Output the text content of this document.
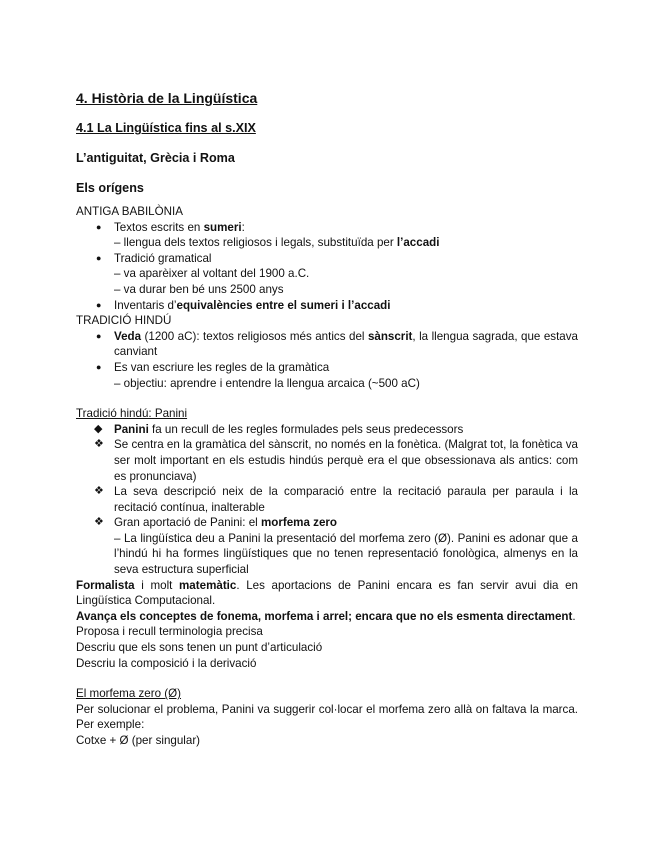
4. Història de la Lingüística
4.1 La Lingüística fins al s.XIX
L’antiguitat, Grècia i Roma
Els orígens
ANTIGA BABILÒNIA
●	Textos escrits en sumeri:
– llengua dels textos religiosos i legals, substituïda per l’accadi
●	Tradició gramatical
– va aparèixer al voltant del 1900 a.C.
– va durar ben bé uns 2500 anys
●	Inventaris d’equivalències entre el sumeri i l’accadi
TRADICIÓ HINDÚ
●	Veda (1200 aC): textos religiosos més antics del sànscrit, la llengua sagrada, que estava canviant
●	Es van escriure les regles de la gramàtica
– objectiu: aprendre i entendre la llengua arcaica (~500 aC)
Tradició hindú: Panini
◆ Panini fa un recull de les regles formulades pels seus predecessors
❖ Se centra en la gramàtica del sànscrit, no només en la fonètica. (Malgrat tot, la fonètica va ser molt important en els estudis hindús perquè era el que obsessionava als antics: com es pronunciava)
❖ La seva descripció neix de la comparació entre la recitació paraula per paraula i la recitació contínua, inalterable
❖ Gran aportació de Panini: el morfema zero
– La lingüística deu a Panini la presentació del morfema zero (Ø). Panini es adonar que a l’hindú hi ha formes lingüístiques que no tenen representació fonològica, almenys en la seva estructura superficial
Formalista i molt matemàtic. Les aportacions de Panini encara es fan servir avui dia en Lingüística Computacional.
Avança els conceptes de fonema, morfema i arrel; encara que no els esmenta directament.
Proposa i recull terminologia precisa
Descriu que els sons tenen un punt d’articulació
Descriu la composició i la derivació
El morfema zero (Ø)
Per solucionar el problema, Panini va suggerir col·locar el morfema zero allà on faltava la marca. Per exemple:
Cotxe + Ø (per singular)
